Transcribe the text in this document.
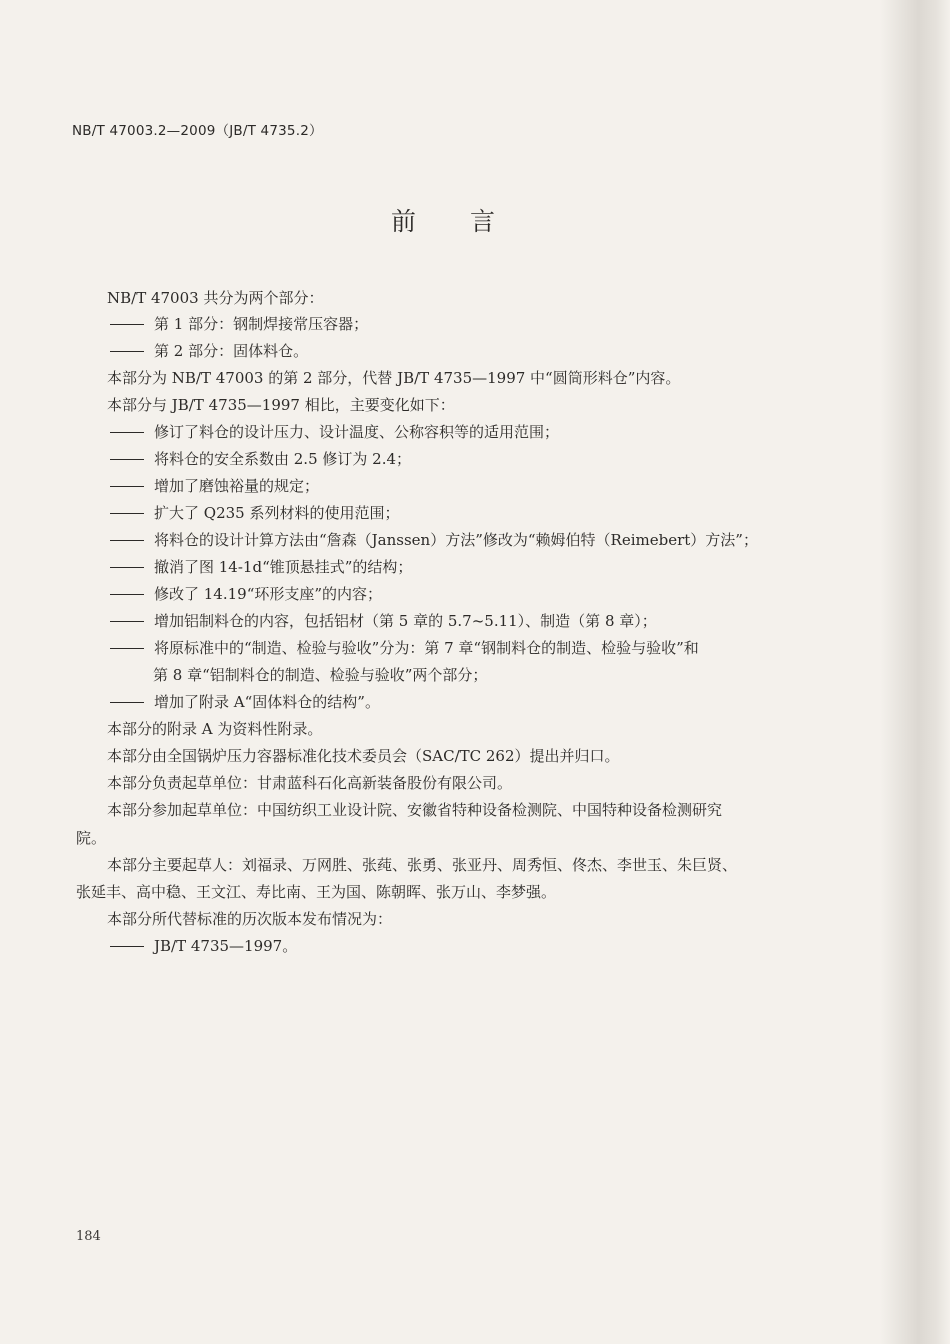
NB/T 47003.2—2009（JB/T 4735.2）
前 言
NB/T 47003 共分为两个部分：
第 1 部分：钢制焊接常压容器；
第 2 部分：固体料仓。
本部分为 NB/T 47003 的第 2 部分，代替 JB/T 4735—1997 中“圆筒形料仓”内容。
本部分与 JB/T 4735—1997 相比，主要变化如下：
修订了料仓的设计压力、设计温度、公称容积等的适用范围；
将料仓的安全系数由 2.5 修订为 2.4；
增加了磨蚀裕量的规定；
扩大了 Q235 系列材料的使用范围；
将料仓的设计计算方法由“詹森（Janssen）方法”修改为“赖姆伯特（Reimebert）方法”；
撤消了图 14-1d“锥顶悬挂式”的结构；
修改了 14.19“环形支座”的内容；
增加铝制料仓的内容，包括铝材（第 5 章的 5.7~5.11）、制造（第 8 章）；
将原标准中的“制造、检验与验收”分为：第 7 章“钢制料仓的制造、检验与验收”和
第 8 章“铝制料仓的制造、检验与验收”两个部分；
增加了附录 A“固体料仓的结构”。
本部分的附录 A 为资料性附录。
本部分由全国锅炉压力容器标准化技术委员会（SAC/TC 262）提出并归口。
本部分负责起草单位：甘肃蓝科石化高新装备股份有限公司。
本部分参加起草单位：中国纺织工业设计院、安徽省特种设备检测院、中国特种设备检测研究
院。
本部分主要起草人：刘福录、万网胜、张莼、张勇、张亚丹、周秀恒、佟杰、李世玉、朱巨贤、
张延丰、高中稳、王文江、寿比南、王为国、陈朝晖、张万山、李梦强。
本部分所代替标准的历次版本发布情况为：
JB/T 4735—1997。
184
